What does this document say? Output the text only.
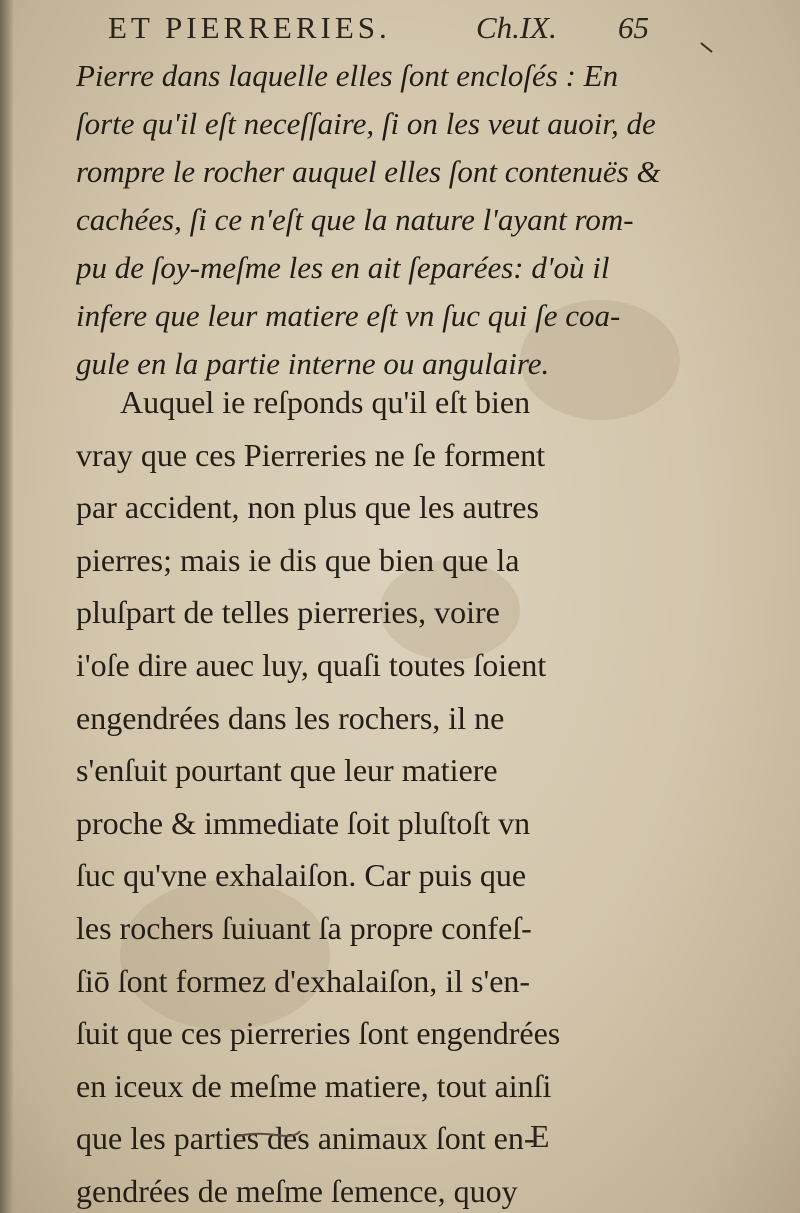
ET PIERRERIES.	Ch.IX. 65
Pierre dans laquelle elles ſont encloſés : En
ſorte qu'il eſt neceſſaire, ſi on les veut auoir, de
rompre le rocher auquel elles ſont contenuës &
cachées, ſi ce n'eſt que la nature l'ayant rom-
pu de ſoy-meſme les en ait ſeparées: d'où il
infere que leur matiere eſt vn ſuc qui ſe coa-
gule en la partie interne ou angulaire.
Auquel ie reſponds qu'il eſt bien
vray que ces Pierreries ne ſe forment
par accident, non plus que les autres
pierres; mais ie dis que bien que la
pluſpart de telles pierreries, voire
i'oſe dire auec luy, quaſi toutes ſoient
engendrées dans les rochers, il ne
s'enſuit pourtant que leur matiere
proche & immediate ſoit pluſtoſt vn
ſuc qu'vne exhalaiſon. Car puis que
les rochers ſuiuant ſa propre confeſ-
ſiō ſont formez d'exhalaiſon, il s'en-
ſuit que ces pierreries ſont engendrées
en iceux de meſme matiere, tout ainſi
que les parties des animaux ſont en-
gendrées de meſme ſemence, quoy
E
